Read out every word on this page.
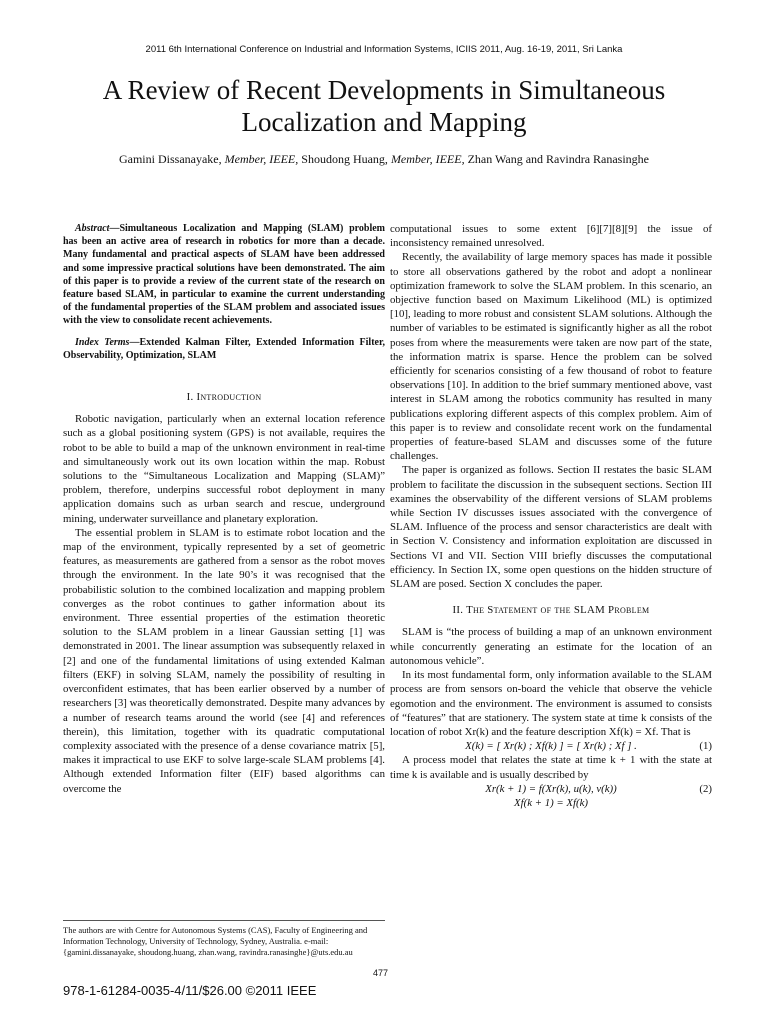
2011 6th International Conference on Industrial and Information Systems, ICIIS 2011, Aug. 16-19, 2011, Sri Lanka
A Review of Recent Developments in Simultaneous Localization and Mapping
Gamini Dissanayake, Member, IEEE, Shoudong Huang, Member, IEEE, Zhan Wang and Ravindra Ranasinghe

Abstract—Simultaneous Localization and Mapping (SLAM) problem has been an active area of research in robotics for more than a decade. Many fundamental and practical aspects of SLAM have been addressed and some impressive practical solutions have been demonstrated. The aim of this paper is to provide a review of the current state of the research on feature based SLAM, in particular to examine the current understanding of the fundamental properties of the SLAM problem and associated issues with the view to consolidate recent achievements.

Index Terms—Extended Kalman Filter, Extended Information Filter, Observability, Optimization, SLAM

I. Introduction

Robotic navigation, particularly when an external location reference such as a global positioning system (GPS) is not available, requires the robot to be able to build a map of the unknown environment in real-time and simultaneously work out its own location within the map. Robust solutions to the “Simultaneous Localization and Mapping (SLAM)” problem, therefore, underpins successful robot deployment in many application domains such as urban search and rescue, underground mining, underwater surveillance and planetary exploration.

The essential problem in SLAM is to estimate robot location and the map of the environment, typically represented by a set of geometric features, as measurements are gathered from a sensor as the robot moves through the environment. In the late 90’s it was recognised that the probabilistic solution to the combined localization and mapping problem converges as the robot continues to gather information about its environment. Three essential properties of the estimation theoretic solution to the SLAM problem in a linear Gaussian setting [1] was demonstrated in 2001. The linear assumption was subsequently relaxed in [2] and one of the fundamental limitations of using extended Kalman filters (EKF) in solving SLAM, namely the possibility of resulting in overconfident estimates, that has been earlier observed by a number of researchers [3] was theoretically demonstrated. Despite many advances by a number of research teams around the world (see [4] and references therein), this limitation, together with its quadratic computational complexity associated with the presence of a dense covariance matrix [5], makes it impractical to use EKF to solve large-scale SLAM problems [4]. Although extended Information filter (EIF) based algorithms can overcome the

The authors are with Centre for Autonomous Systems (CAS), Faculty of Engineering and Information Technology, University of Technology, Sydney, Australia. e-mail: {gamini.dissanayake, shoudong.huang, zhan.wang, ravindra.ranasinghe}@uts.edu.au

computational issues to some extent [6][7][8][9] the issue of inconsistency remained unresolved.

Recently, the availability of large memory spaces has made it possible to store all observations gathered by the robot and adopt a nonlinear optimization framework to solve the SLAM problem. In this scenario, an objective function based on Maximum Likelihood (ML) is optimized [10], leading to more robust and consistent SLAM solutions. Although the number of variables to be estimated is significantly higher as all the robot poses from where the measurements were taken are now part of the state, the information matrix is sparse. Hence the problem can be solved efficiently for scenarios consisting of a few thousand of robot to feature observations [10]. In addition to the brief summary mentioned above, vast interest in SLAM among the robotics community has resulted in many publications exploring different aspects of this complex problem. Aim of this paper is to review and consolidate recent work on the fundamental properties of feature-based SLAM and discusses some of the future challenges.

The paper is organized as follows. Section II restates the basic SLAM problem to facilitate the discussion in the subsequent sections. Section III examines the observability of the different versions of SLAM problems while Section IV discusses issues associated with the convergence of SLAM. Influence of the process and sensor characteristics are dealt with in Section V. Consistency and information exploitation are discussed in Sections VI and VII. Section VIII briefly discusses the computational efficiency. In Section IX, some open questions on the hidden structure of SLAM are posed. Section X concludes the paper.

II. The Statement of the SLAM Problem

SLAM is “the process of building a map of an unknown environment while concurrently generating an estimate for the location of an autonomous vehicle”.

In its most fundamental form, only information available to the SLAM process are from sensors on-board the vehicle that observe the vehicle egomotion and the environment. The environment is assumed to consists of “features” that are stationery. The system state at time k consists of the location of robot Xr(k) and the feature description Xf(k) = Xf. That is

X(k) = [ Xr(k) ; Xf(k) ] = [ Xr(k) ; Xf ] .	(1)

A process model that relates the state at time k + 1 with the state at time k is available and is usually described by

Xr(k + 1) = f(Xr(k), u(k), v(k))	(2)

Xf(k + 1) = Xf(k)

477
978-1-61284-0035-4/11/$26.00 ©2011 IEEE
